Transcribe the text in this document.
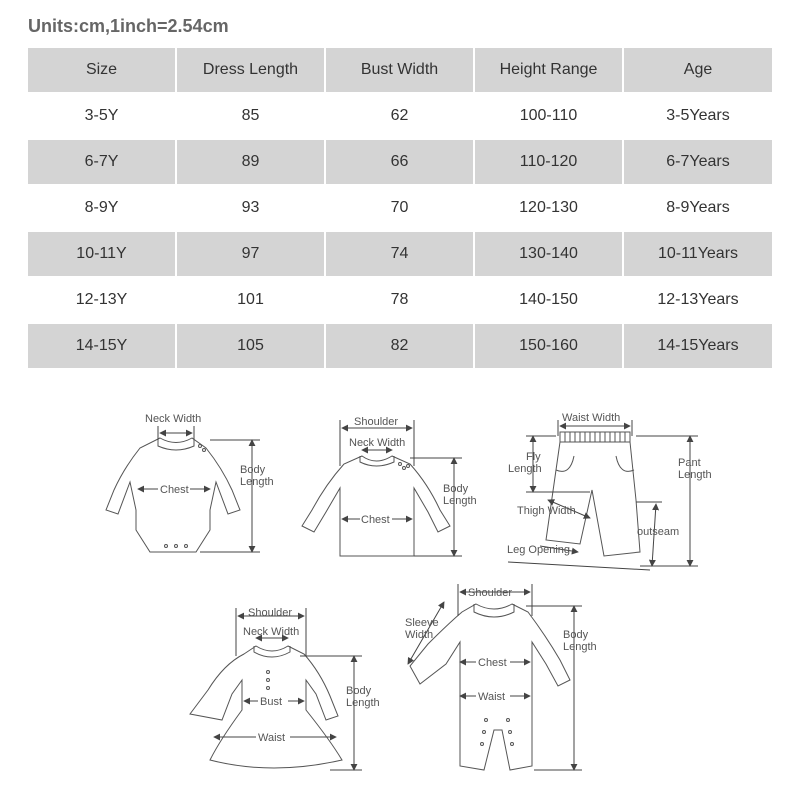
Units:cm,1inch=2.54cm
Size	Dress Length	Bust Width	Height Range	Age
3-5Y	85	62	100-110	3-5Years
6-7Y	89	66	110-120	6-7Years
8-9Y	93	70	120-130	8-9Years
10-11Y	97	74	130-140	10-11Years
12-13Y	101	78	140-150	12-13Years
14-15Y	105	82	150-160	14-15Years
Neck Width
Chest
Body
Length
Shoulder
Neck Width
Chest
Body
Length
Waist Width
Fly
Length	Pant
Length
Thigh Width
outseam
Leg Opening
Shoulder
Neck Width
Bust
Waist
Body
Length
Shoulder
Sleeve
Width
Chest
Waist
Body
Length
